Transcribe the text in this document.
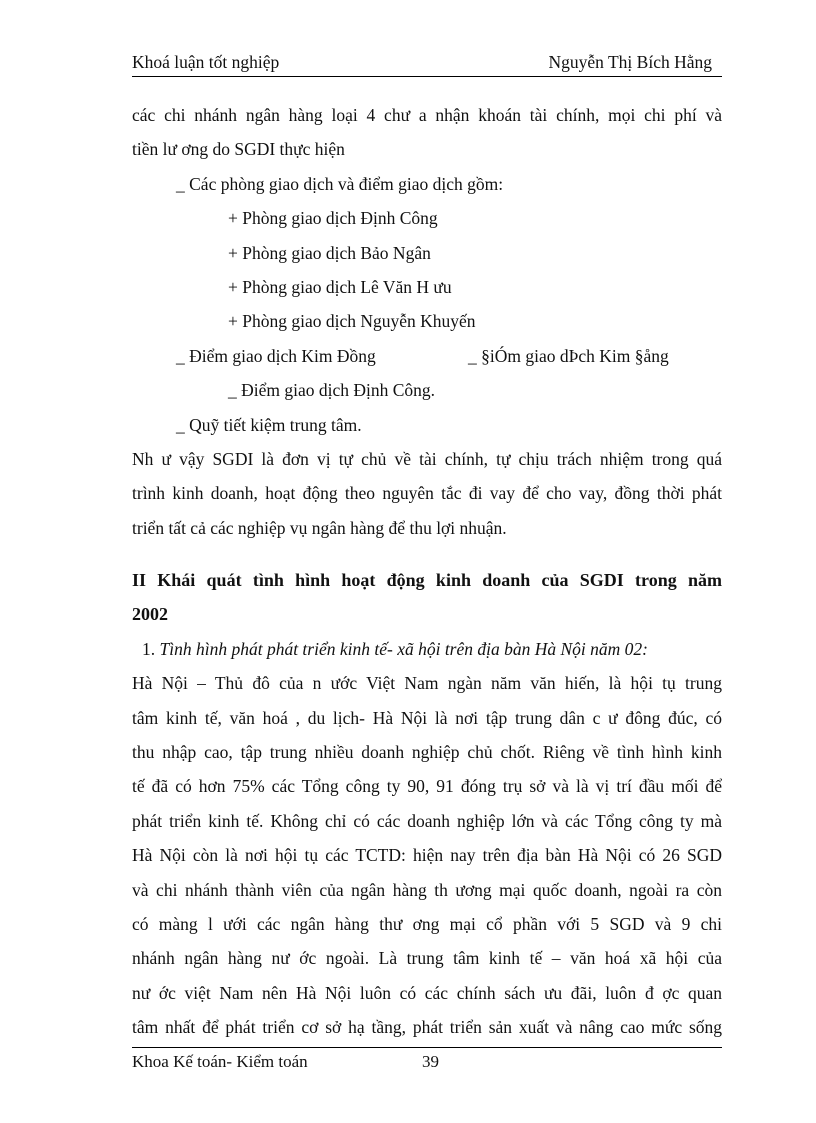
Khoá luận tốt nghiệp	Nguyễn Thị Bích Hằng
các chi nhánh ngân hàng loại 4 chư a nhận khoán tài chính, mọi chi phí và
tiền lư ơng do SGDI thực hiện
_ Các phòng giao dịch và điểm giao dịch gồm:
+ Phòng giao dịch Định Công
+ Phòng giao dịch Bảo Ngân
+ Phòng giao dịch Lê Văn H ưu
+ Phòng giao dịch Nguyễn Khuyến
_ Điểm giao dịch Kim Đồng	_ §iÓm giao dÞch Kim §ång
_ Điểm giao dịch Định Công.
_ Quỹ tiết kiệm trung tâm.
Nh ư vậy SGDI là đơn vị tự chủ về tài chính, tự chịu trách nhiệm trong quá
trình kinh doanh, hoạt động theo nguyên tắc đi vay để cho vay, đồng thời phát
triển tất cả các nghiệp vụ ngân hàng để thu lợi nhuận.
II Khái quát tình hình hoạt động kinh doanh của SGDI trong năm
2002
1. Tình hình phát phát triển kinh tế- xã hội trên địa bàn Hà Nội năm 02:
Hà Nội – Thủ đô của n ước Việt Nam ngàn năm văn hiến, là hội tụ trung
tâm kinh tế, văn hoá , du lịch- Hà Nội là nơi tập trung dân c ư đông đúc, có
thu nhập cao, tập trung nhiều doanh nghiệp chủ chốt. Riêng về tình hình kinh
tế đã có hơn 75% các Tổng công ty 90, 91 đóng trụ sở và là vị trí đầu mối để
phát triển kinh tế. Không chỉ có các doanh nghiệp lớn và các Tổng công ty mà
Hà Nội còn là nơi hội tụ các TCTD: hiện nay trên địa bàn Hà Nội có 26 SGD
và chi nhánh thành viên của ngân hàng th ương mại quốc doanh, ngoài ra còn
có màng l ưới các ngân hàng thư ơng mại cổ phần với 5 SGD và 9 chi
nhánh ngân hàng nư ớc ngoài. Là trung tâm kinh tế – văn hoá xã hội của
nư ớc việt Nam nên Hà Nội luôn có các chính sách ưu đãi, luôn đ ợc quan
tâm nhất để phát triển cơ sở hạ tầng, phát triển sản xuất và nâng cao mức sống
Khoa Kế toán- Kiểm toán	39
